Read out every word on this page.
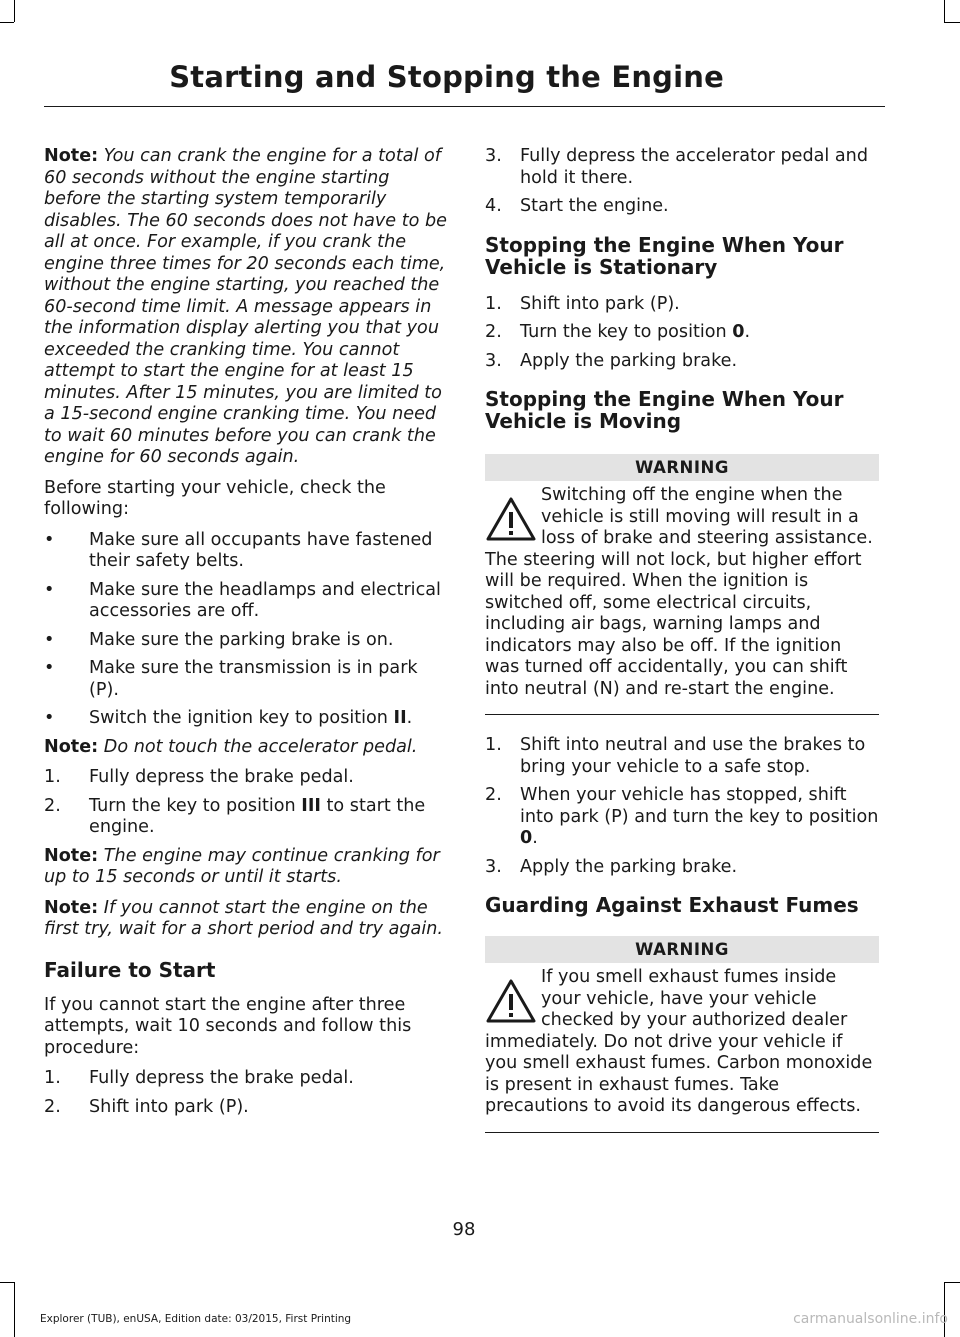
Starting and Stopping the Engine

Note: You can crank the engine for a total of 60 seconds without the engine starting before the starting system temporarily disables. The 60 seconds does not have to be all at once. For example, if you crank the engine three times for 20 seconds each time, without the engine starting, you reached the 60-second time limit. A message appears in the information display alerting you that you exceeded the cranking time. You cannot attempt to start the engine for at least 15 minutes. After 15 minutes, you are limited to a 15-second engine cranking time. You need to wait 60 minutes before you can crank the engine for 60 seconds again.

Before starting your vehicle, check the following:

• Make sure all occupants have fastened their safety belts.
• Make sure the headlamps and electrical accessories are off.
• Make sure the parking brake is on.
• Make sure the transmission is in park (P).
• Switch the ignition key to position II.

Note: Do not touch the accelerator pedal.

1. Fully depress the brake pedal.
2. Turn the key to position III to start the engine.

Note: The engine may continue cranking for up to 15 seconds or until it starts.

Note: If you cannot start the engine on the first try, wait for a short period and try again.

Failure to Start

If you cannot start the engine after three attempts, wait 10 seconds and follow this procedure:

1. Fully depress the brake pedal.
2. Shift into park (P).
3. Fully depress the accelerator pedal and hold it there.
4. Start the engine.
Stopping the Engine When Your Vehicle is Stationary
1. Shift into park (P).
2. Turn the key to position 0.
3. Apply the parking brake.
Stopping the Engine When Your Vehicle is Moving
WARNING

Switching off the engine when the vehicle is still moving will result in a loss of brake and steering assistance. The steering will not lock, but higher effort will be required. When the ignition is switched off, some electrical circuits, including air bags, warning lamps and indicators may also be off. If the ignition was turned off accidentally, you can shift into neutral (N) and re-start the engine.

1. Shift into neutral and use the brakes to bring your vehicle to a safe stop.
2. When your vehicle has stopped, shift into park (P) and turn the key to position 0.
3. Apply the parking brake.
Guarding Against Exhaust Fumes
WARNING

If you smell exhaust fumes inside your vehicle, have your vehicle checked by your authorized dealer immediately. Do not drive your vehicle if you smell exhaust fumes. Carbon monoxide is present in exhaust fumes. Take precautions to avoid its dangerous effects.

98
Explorer (TUB), enUSA, Edition date: 03/2015, First Printing	carmanualsonline.info
